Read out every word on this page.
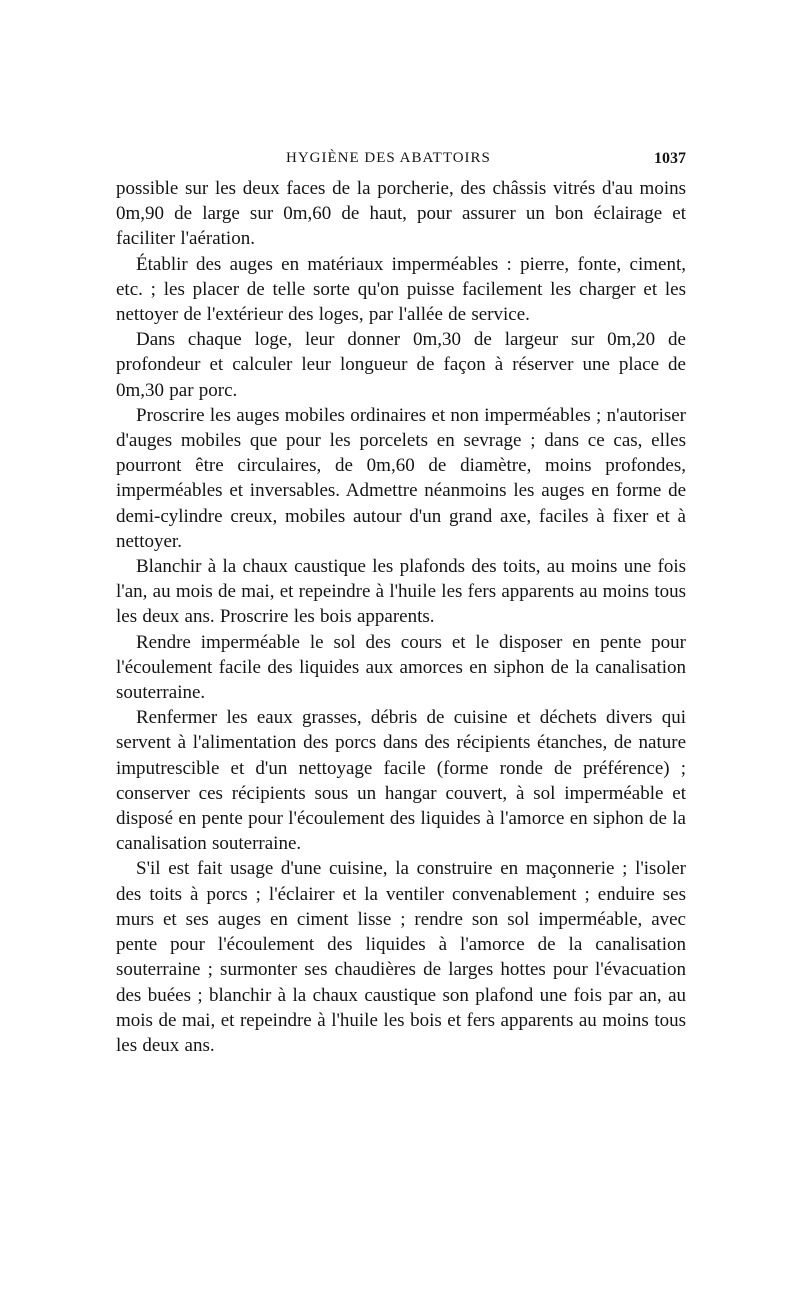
HYGIÈNE DES ABATTOIRS	1037

possible sur les deux faces de la porcherie, des châssis vitrés d'au moins 0m,90 de large sur 0m,60 de haut, pour assurer un bon éclairage et faciliter l'aération.

Établir des auges en matériaux imperméables : pierre, fonte, ciment, etc. ; les placer de telle sorte qu'on puisse facilement les charger et les nettoyer de l'extérieur des loges, par l'allée de service.

Dans chaque loge, leur donner 0m,30 de largeur sur 0m,20 de profondeur et calculer leur longueur de façon à réserver une place de 0m,30 par porc.

Proscrire les auges mobiles ordinaires et non imperméables ; n'autoriser d'auges mobiles que pour les porcelets en sevrage ; dans ce cas, elles pourront être circulaires, de 0m,60 de diamètre, moins profondes, imperméables et inversables. Admettre néanmoins les auges en forme de demi-cylindre creux, mobiles autour d'un grand axe, faciles à fixer et à nettoyer.

Blanchir à la chaux caustique les plafonds des toits, au moins une fois l'an, au mois de mai, et repeindre à l'huile les fers apparents au moins tous les deux ans. Proscrire les bois apparents.

Rendre imperméable le sol des cours et le disposer en pente pour l'écoulement facile des liquides aux amorces en siphon de la canalisation souterraine.

Renfermer les eaux grasses, débris de cuisine et déchets divers qui servent à l'alimentation des porcs dans des récipients étanches, de nature imputrescible et d'un nettoyage facile (forme ronde de préférence) ; conserver ces récipients sous un hangar couvert, à sol imperméable et disposé en pente pour l'écoulement des liquides à l'amorce en siphon de la canalisation souterraine.

S'il est fait usage d'une cuisine, la construire en maçonnerie ; l'isoler des toits à porcs ; l'éclairer et la ventiler convenablement ; enduire ses murs et ses auges en ciment lisse ; rendre son sol imperméable, avec pente pour l'écoulement des liquides à l'amorce de la canalisation souterraine ; surmonter ses chaudières de larges hottes pour l'évacuation des buées ; blanchir à la chaux caustique son plafond une fois par an, au mois de mai, et repeindre à l'huile les bois et fers apparents au moins tous les deux ans.
